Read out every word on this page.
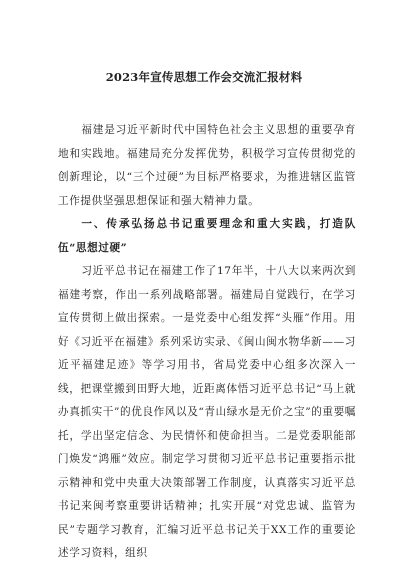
2023年宣传思想工作会交流汇报材料

福建是习近平新时代中国特色社会主义思想的重要孕育地和实践地。福建局充分发挥优势，积极学习宣传贯彻党的创新理论，以“三个过硬”为目标严格要求，为推进辖区监管工作提供坚强思想保证和强大精神力量。

一、传承弘扬总书记重要理念和重大实践，打造队伍“思想过硬”

习近平总书记在福建工作了17年半，十八大以来两次到福建考察，作出一系列战略部署。福建局自觉践行，在学习宣传贯彻上做出探索。一是党委中心组发挥“头雁”作用。用好《习近平在福建》系列采访实录、《闽山闽水物华新——习近平福建足迹》等学习用书，省局党委中心组多次深入一线，把课堂搬到田野大地，近距离体悟习近平总书记“马上就办真抓实干”的优良作风以及“青山绿水是无价之宝”的重要嘱托，学出坚定信念、为民情怀和使命担当。二是党委职能部门焕发“鸿雁”效应。制定学习贯彻习近平总书记重要指示批示精神和党中央重大决策部署工作制度，认真落实习近平总书记来闽考察重要讲话精神；扎实开展“对党忠诚、监管为民”专题学习教育，汇编习近平总书记关于XX工作的重要论述学习资料，组织
